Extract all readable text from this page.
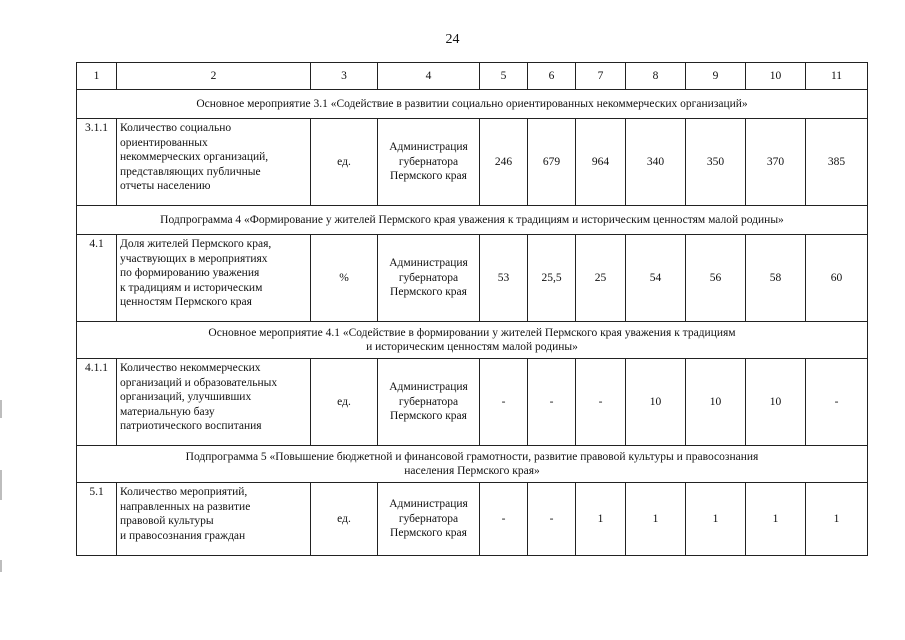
24
1	2	3	4	5	6	7	8	9	10	11

Основное мероприятие 3.1 «Содействие в развитии социально ориентированных некоммерческих организаций»										

3.1.1	Количество социально
ориентированных
некоммерческих организаций,
представляющих публичные
отчеты населению	ед.	Администрация
губернатора
Пермского края	246	679	964	340	350	370	385

Подпрограмма 4 «Формирование у жителей Пермского края уважения к традициям и историческим ценностям малой родины»										

4.1	Доля жителей Пермского края,
участвующих в мероприятиях
по формированию уважения
к традициям и историческим
ценностям Пермского края	%	Администрация
губернатора
Пермского края	53	25,5	25	54	56	58	60

Основное мероприятие 4.1 «Содействие в формировании у жителей Пермского края уважения к традициям
и историческим ценностям малой родины»										

4.1.1	Количество некоммерческих
организаций и образовательных
организаций, улучшивших
материальную базу
патриотического воспитания	ед.	Администрация
губернатора
Пермского края	-	-	-	10	10	10	-

Подпрограмма 5 «Повышение бюджетной и финансовой грамотности, развитие правовой культуры и правосознания
населения Пермского края»										

5.1	Количество мероприятий,
направленных на развитие
правовой культуры
и правосознания граждан	ед.	Администрация
губернатора
Пермского края	-	-	1	1	1	1	1
